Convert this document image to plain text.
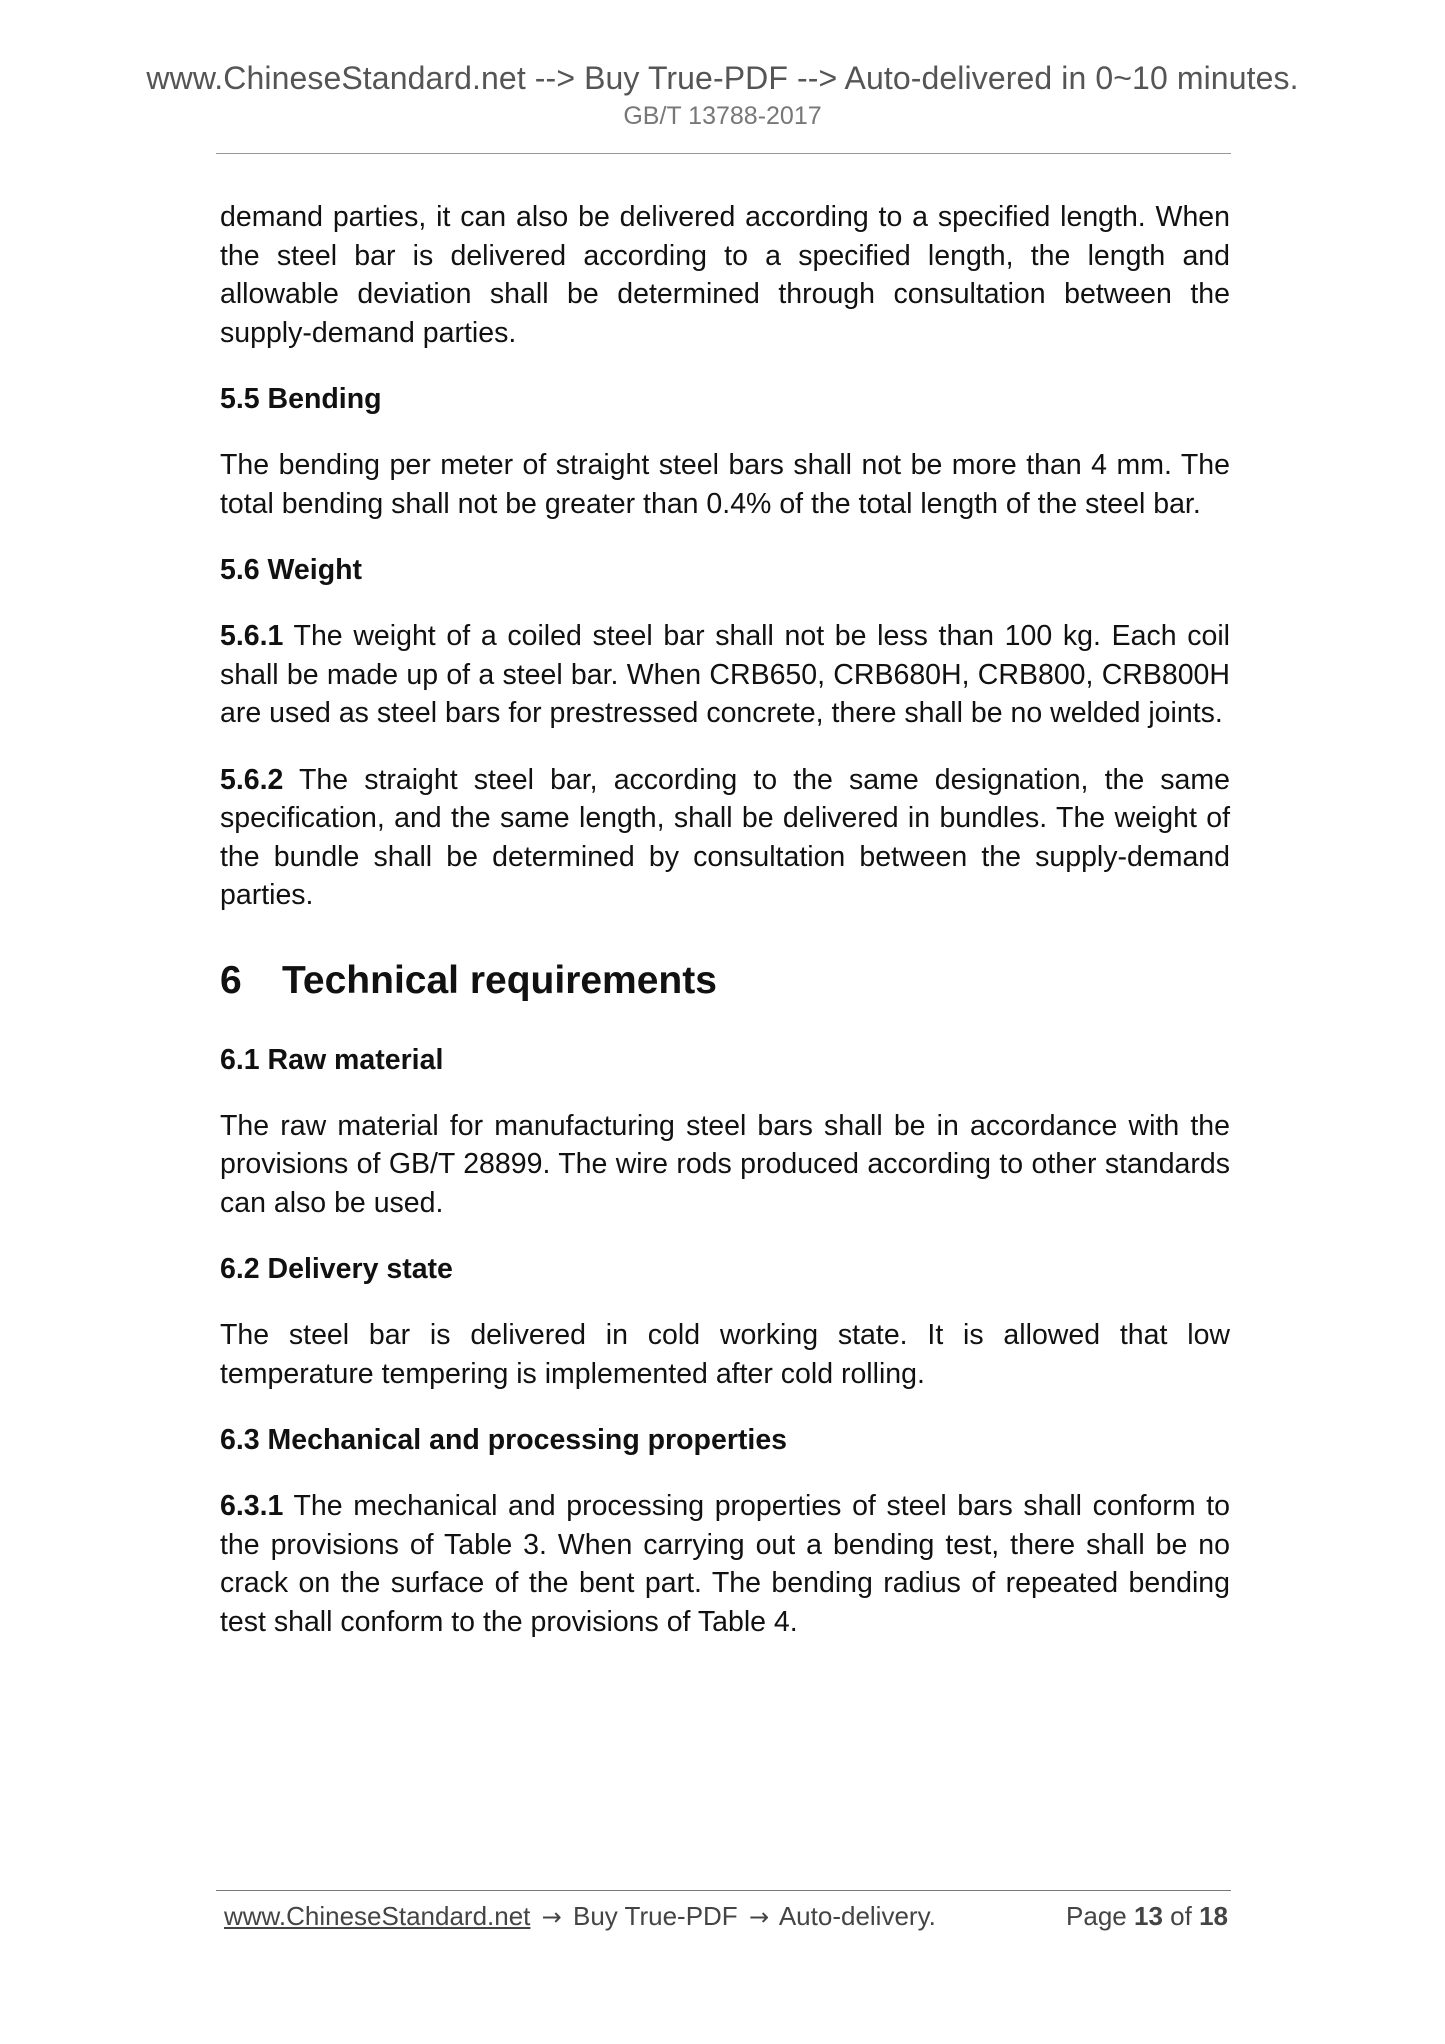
www.ChineseStandard.net --> Buy True-PDF --> Auto-delivered in 0~10 minutes.
GB/T 13788-2017

demand parties, it can also be delivered according to a specified length. When the steel bar is delivered according to a specified length, the length and allowable deviation shall be determined through consultation between the supply-demand parties.

5.5 Bending

The bending per meter of straight steel bars shall not be more than 4 mm. The total bending shall not be greater than 0.4% of the total length of the steel bar.

5.6 Weight

5.6.1 The weight of a coiled steel bar shall not be less than 100 kg. Each coil shall be made up of a steel bar. When CRB650, CRB680H, CRB800, CRB800H are used as steel bars for prestressed concrete, there shall be no welded joints.

5.6.2 The straight steel bar, according to the same designation, the same specification, and the same length, shall be delivered in bundles. The weight of the bundle shall be determined by consultation between the supply-demand parties.

6 Technical requirements
6.1 Raw material

The raw material for manufacturing steel bars shall be in accordance with the provisions of GB/T 28899. The wire rods produced according to other standards can also be used.

6.2 Delivery state

The steel bar is delivered in cold working state. It is allowed that low temperature tempering is implemented after cold rolling.

6.3 Mechanical and processing properties

6.3.1 The mechanical and processing properties of steel bars shall conform to the provisions of Table 3. When carrying out a bending test, there shall be no crack on the surface of the bent part. The bending radius of repeated bending test shall conform to the provisions of Table 4.

www.ChineseStandard.net → Buy True-PDF → Auto-delivery.	Page 13 of 18
